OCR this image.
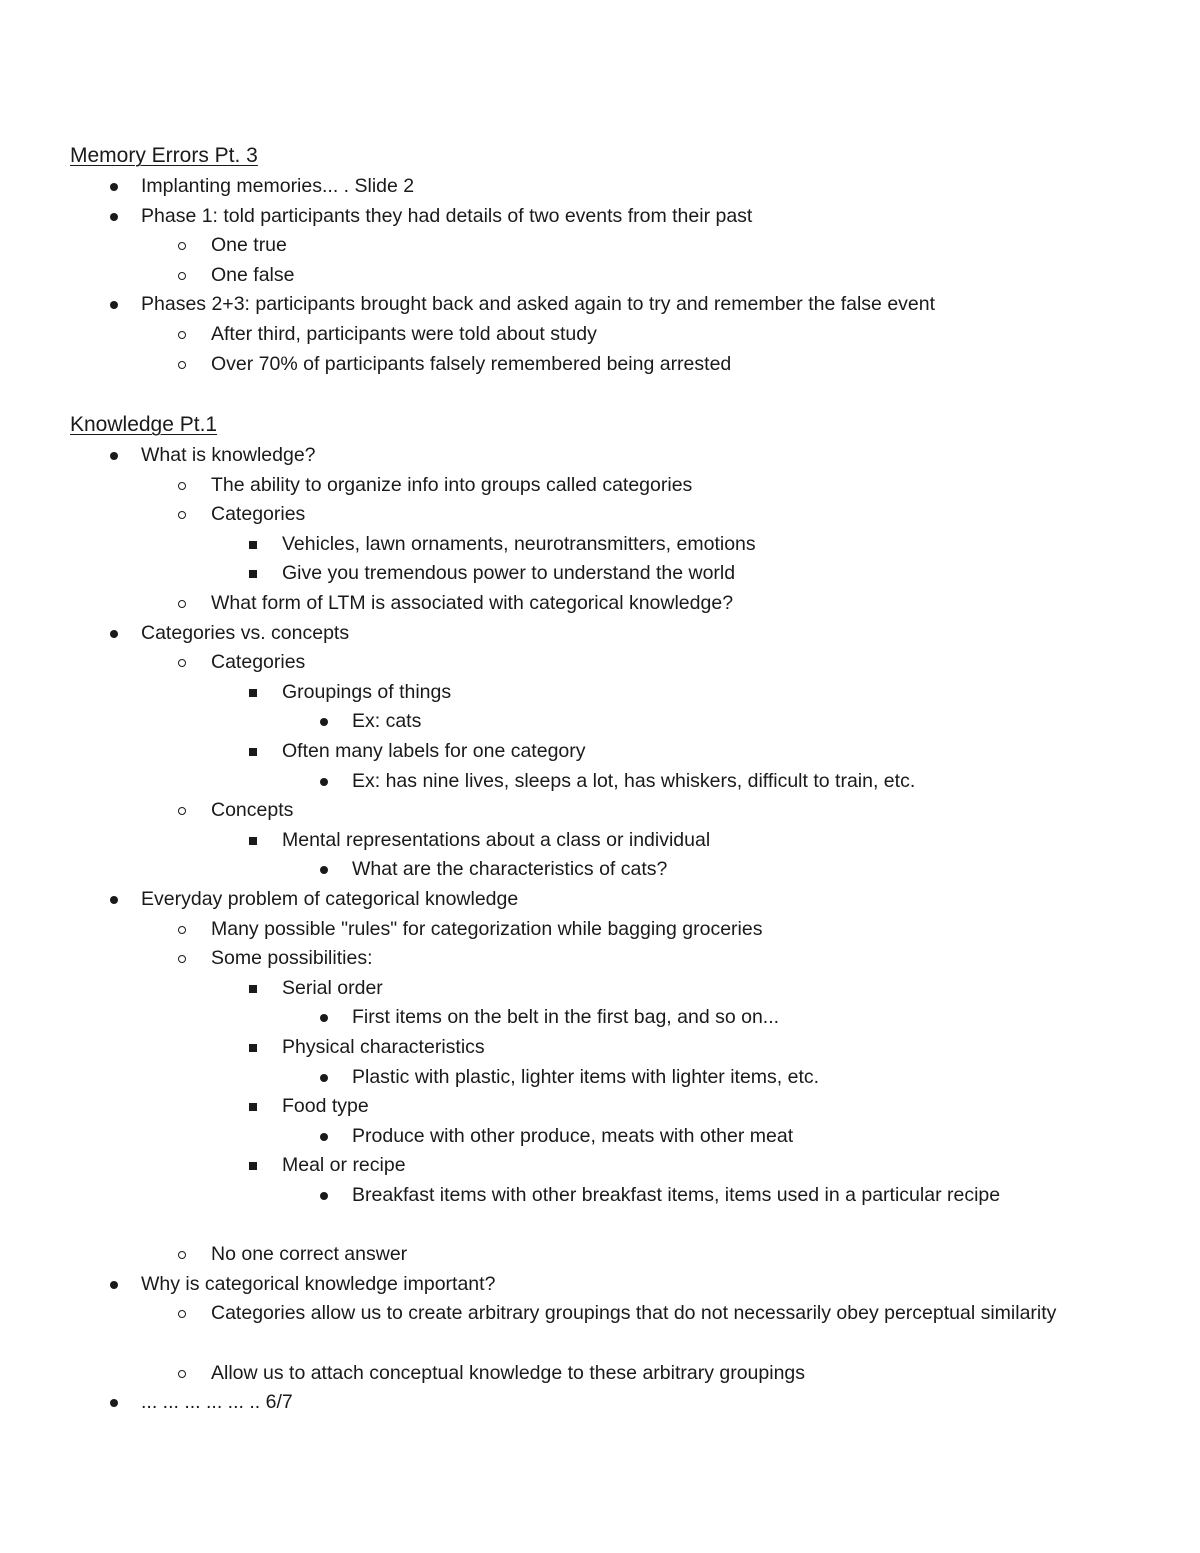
Memory Errors Pt. 3
Implanting memories... . Slide 2
Phase 1: told participants they had details of two events from their past
One true
One false
Phases 2+3: participants brought back and asked again to try and remember the false event
After third, participants were told about study
Over 70% of participants falsely remembered being arrested
Knowledge Pt.1
What is knowledge?
The ability to organize info into groups called categories
Categories
Vehicles, lawn ornaments, neurotransmitters, emotions
Give you tremendous power to understand the world
What form of LTM is associated with categorical knowledge?
Categories vs. concepts
Categories
Groupings of things
Ex: cats
Often many labels for one category
Ex: has nine lives, sleeps a lot, has whiskers, difficult to train, etc.
Concepts
Mental representations about a class or individual
What are the characteristics of cats?
Everyday problem of categorical knowledge
Many possible "rules" for categorization while bagging groceries
Some possibilities:
Serial order
First items on the belt in the first bag, and so on...
Physical characteristics
Plastic with plastic, lighter items with lighter items, etc.
Food type
Produce with other produce, meats with other meat
Meal or recipe
Breakfast items with other breakfast items, items used in a particular recipe
No one correct answer
Why is categorical knowledge important?
Categories allow us to create arbitrary groupings that do not necessarily obey perceptual similarity
Allow us to attach conceptual knowledge to these arbitrary groupings
... ... ... ... ... .. 6/7
